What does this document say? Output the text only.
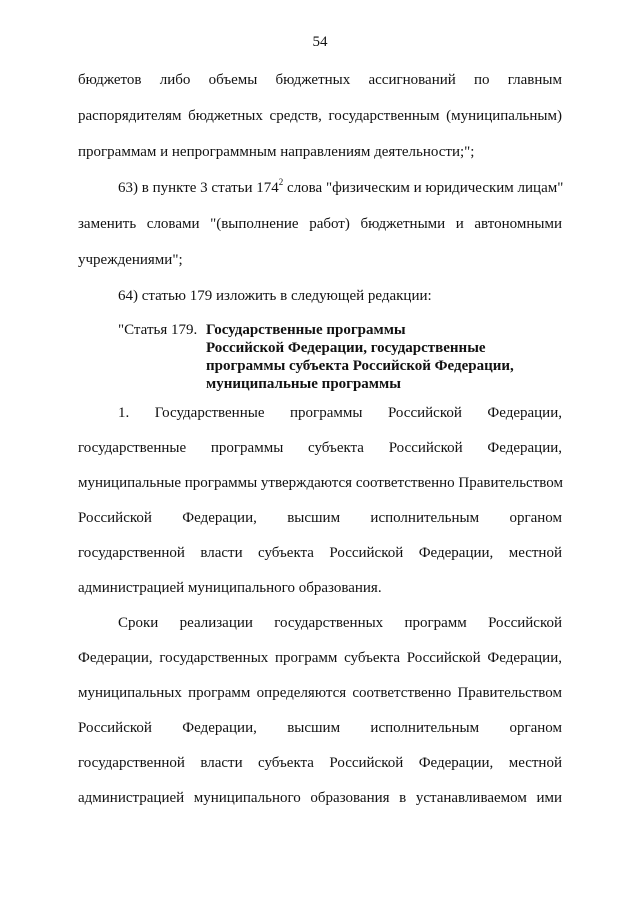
54
бюджетов либо объемы бюджетных ассигнований по главным
распорядителям бюджетных средств, государственным (муниципальным)
программам и непрограммным направлениям деятельности;";
63) в пункте 3 статьи $174^2$ слова "физическим и юридическим лицам"
заменить словами "(выполнение работ) бюджетными и автономными
учреждениями";
64) статью 179 изложить в следующей редакции:
"Статья 179. Государственные программы
Российской Федерации, государственные
программы субъекта Российской Федерации,
муниципальные программы
1. Государственные программы Российской Федерации,
государственные программы субъекта Российской Федерации,
муниципальные программы утверждаются соответственно Правительством
Российской Федерации, высшим исполнительным органом
государственной власти субъекта Российской Федерации, местной
администрацией муниципального образования.
Сроки реализации государственных программ Российской
Федерации, государственных программ субъекта Российской Федерации,
муниципальных программ определяются соответственно Правительством
Российской Федерации, высшим исполнительным органом
государственной власти субъекта Российской Федерации, местной
администрацией муниципального образования в устанавливаемом ими
